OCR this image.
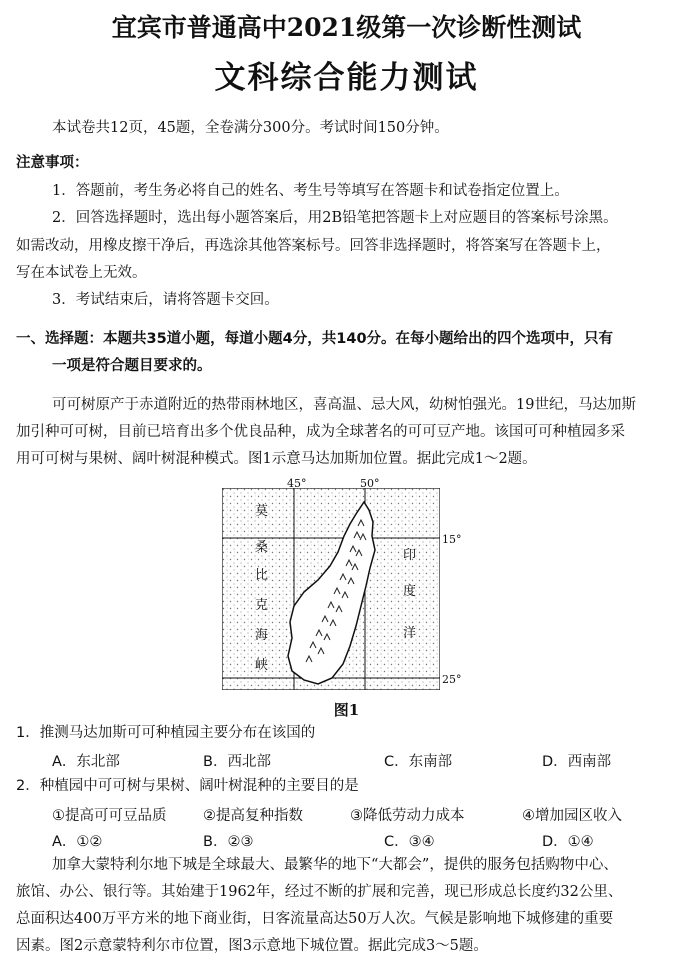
宜宾市普通高中2021级第一次诊断性测试
文科综合能力测试
本试卷共12页，45题，全卷满分300分。考试时间150分钟。
注意事项：
1．答题前，考生务必将自己的姓名、考生号等填写在答题卡和试卷指定位置上。
2．回答选择题时，选出每小题答案后，用2B铅笔把答题卡上对应题目的答案标号涂黑。
如需改动，用橡皮擦干净后，再选涂其他答案标号。回答非选择题时，将答案写在答题卡上，
写在本试卷上无效。
3．考试结束后，请将答题卡交回。
一、选择题：本题共35道小题，每道小题4分，共140分。在每小题给出的四个选项中，只有
一项是符合题目要求的。
可可树原产于赤道附近的热带雨林地区，喜高温、忌大风，幼树怕强光。19世纪，马达加斯
加引种可可树，目前已培育出多个优良品种，成为全球著名的可可豆产地。该国可可种植园多采
用可可树与果树、阔叶树混种模式。图1示意马达加斯加位置。据此完成1～2题。
45°	50°
15°
25°
莫
桑
比
克
海
峡
印
度
洋
图1
1．推测马达加斯可可种植园主要分布在该国的
A．东北部	B．西北部	C．东南部	D．西南部
2．种植园中可可树与果树、阔叶树混种的主要目的是
①提高可可豆品质	②提高复种指数	③降低劳动力成本	④增加园区收入
A．①②	B．②③	C．③④	D．①④
加拿大蒙特利尔地下城是全球最大、最繁华的地下“大都会”，提供的服务包括购物中心、
旅馆、办公、银行等。其始建于1962年，经过不断的扩展和完善，现已形成总长度约32公里、
总面积达400万平方米的地下商业街，日客流量高达50万人次。气候是影响地下城修建的重要
因素。图2示意蒙特利尔市位置，图3示意地下城位置。据此完成3～5题。
